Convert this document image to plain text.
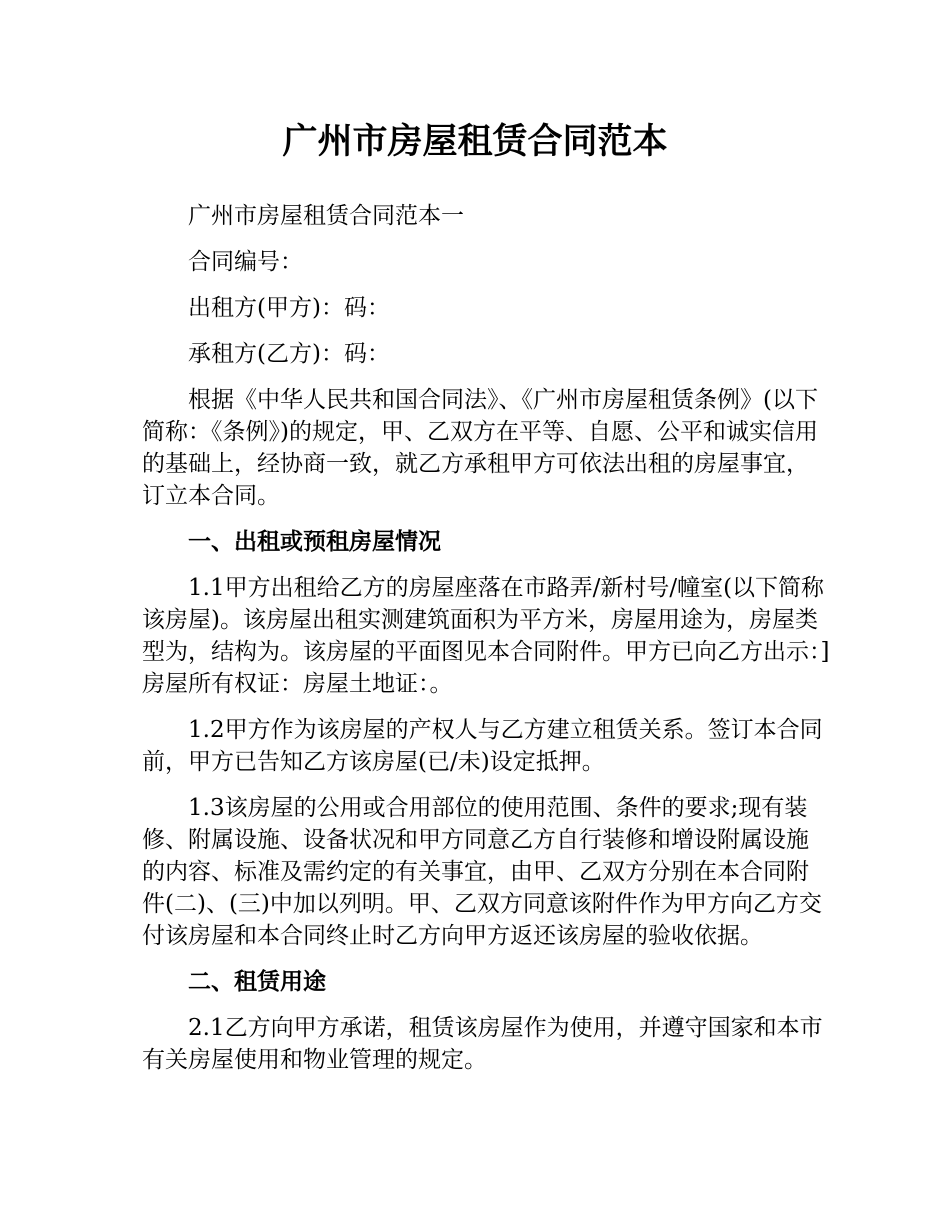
广州市房屋租赁合同范本

广州市房屋租赁合同范本一

合同编号：

出租方(甲方)：码：

承租方(乙方)：码：

根据《中华人民共和国合同法》、《广州市房屋租赁条例》(以下简称：《条例》)的规定，甲、乙双方在平等、自愿、公平和诚实信用的基础上，经协商一致，就乙方承租甲方可依法出租的房屋事宜，订立本合同。

一、出租或预租房屋情况

1.1甲方出租给乙方的房屋座落在市路弄/新村号/幢室(以下简称该房屋)。该房屋出租实测建筑面积为平方米，房屋用途为，房屋类型为，结构为。该房屋的平面图见本合同附件。甲方已向乙方出示：]房屋所有权证：房屋土地证：。

1.2甲方作为该房屋的产权人与乙方建立租赁关系。签订本合同前，甲方已告知乙方该房屋(已/未)设定抵押。

1.3该房屋的公用或合用部位的使用范围、条件的要求;现有装修、附属设施、设备状况和甲方同意乙方自行装修和增设附属设施的内容、标准及需约定的有关事宜，由甲、乙双方分别在本合同附件(二)、(三)中加以列明。甲、乙双方同意该附件作为甲方向乙方交付该房屋和本合同终止时乙方向甲方返还该房屋的验收依据。

二、租赁用途

2.1乙方向甲方承诺，租赁该房屋作为使用，并遵守国家和本市有关房屋使用和物业管理的规定。
